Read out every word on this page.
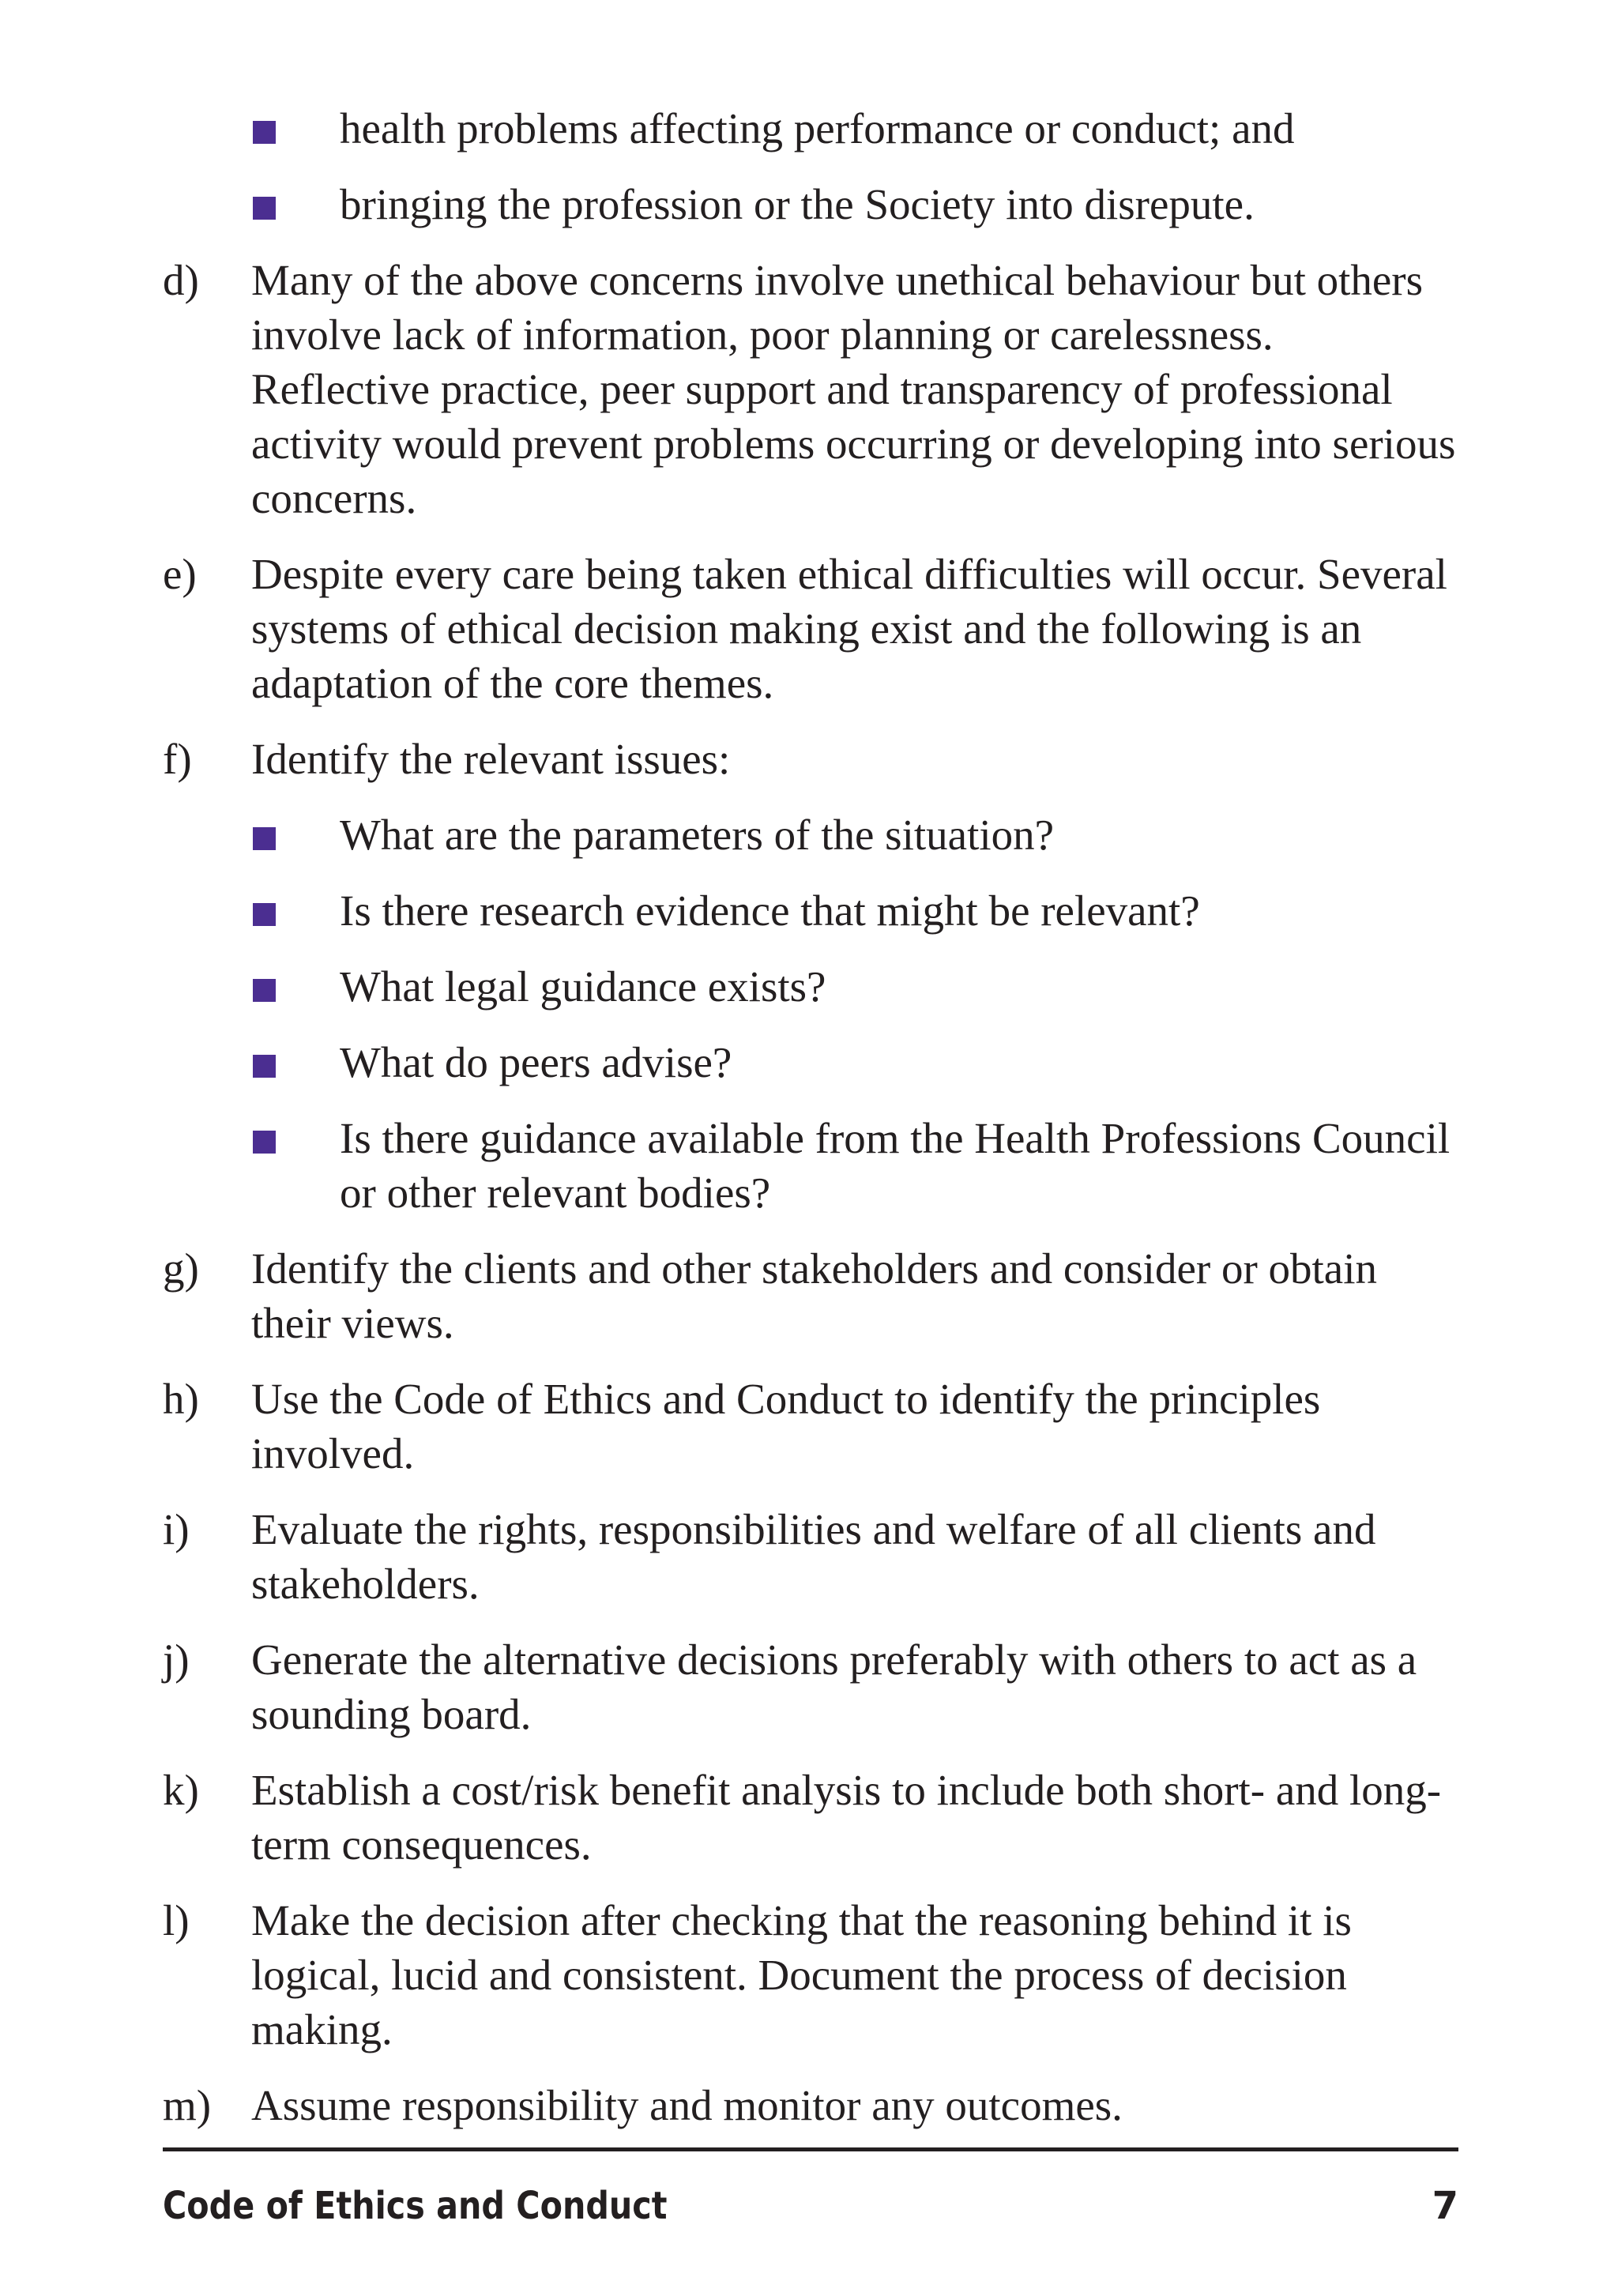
health problems affecting performance or conduct; and
bringing the profession or the Society into disrepute.
d)	Many of the above concerns involve unethical behaviour but others involve lack of information, poor planning or carelessness. Reflective practice, peer support and transparency of professional activity would prevent problems occurring or developing into serious concerns.
e)	Despite every care being taken ethical difficulties will occur. Several systems of ethical decision making exist and the following is an adaptation of the core themes.
f)	Identify the relevant issues:
What are the parameters of the situation?
Is there research evidence that might be relevant?
What legal guidance exists?
What do peers advise?
Is there guidance available from the Health Professions Council or other relevant bodies?
g)	Identify the clients and other stakeholders and consider or obtain their views.
h)	Use the Code of Ethics and Conduct to identify the principles involved.
i)	Evaluate the rights, responsibilities and welfare of all clients and stakeholders.
j)	Generate the alternative decisions preferably with others to act as a sounding board.
k)	Establish a cost/risk benefit analysis to include both short- and long-term consequences.
l)	Make the decision after checking that the reasoning behind it is logical, lucid and consistent. Document the process of decision making.
m) Assume responsibility and monitor any outcomes.
Code of Ethics and Conduct	7
